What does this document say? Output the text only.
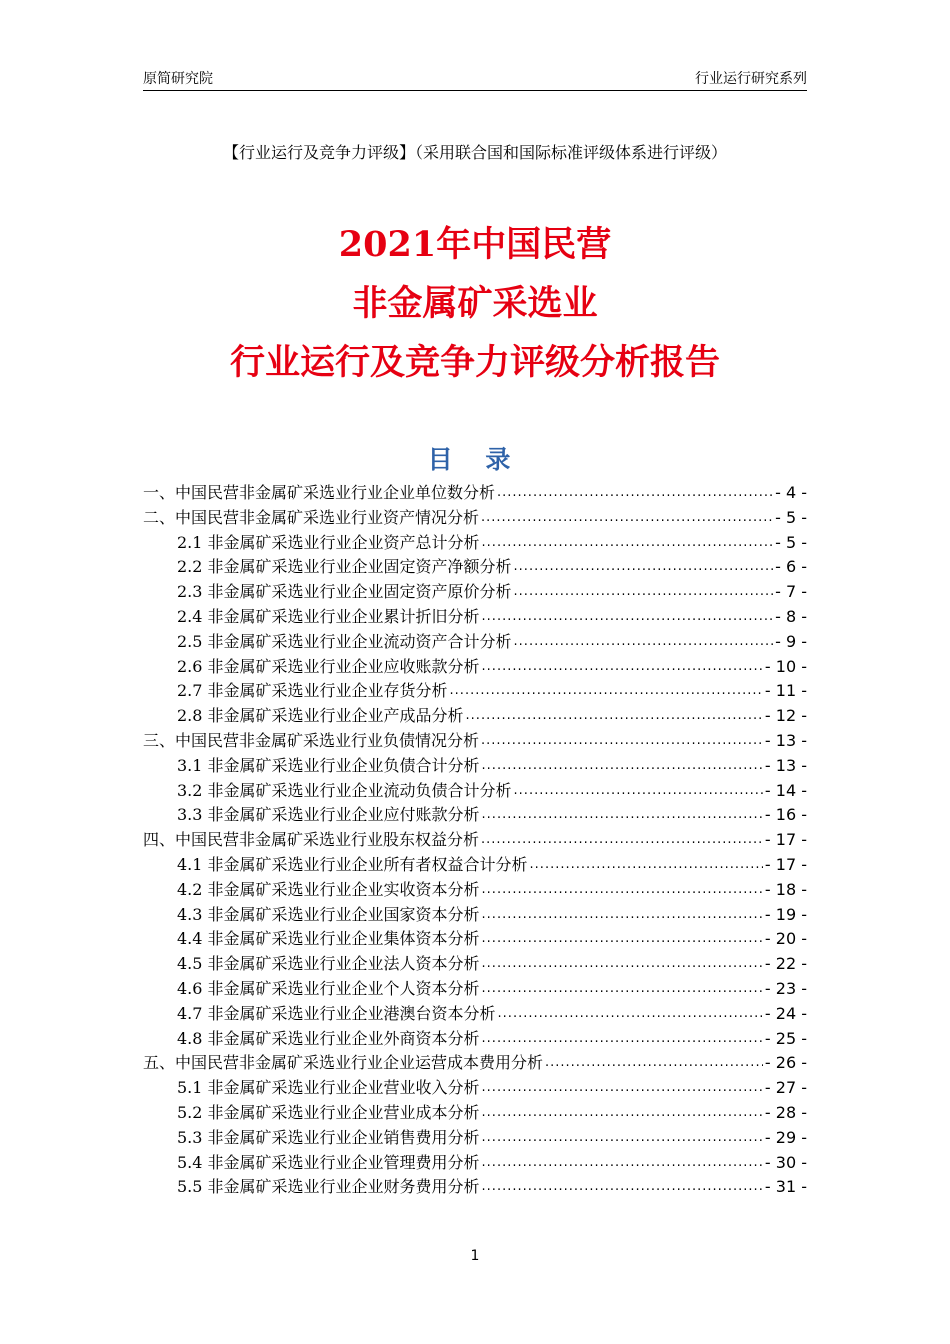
原简研究院	行业运行研究系列
【行业运行及竞争力评级】（采用联合国和国际标准评级体系进行评级）
2021年中国民营
非金属矿采选业
行业运行及竞争力评级分析报告
目 录
一、中国民营非金属矿采选业行业企业单位数分析 .....	- 4 -
二、中国民营非金属矿采选业行业资产情况分析 .....	- 5 -
2.1 非金属矿采选业行业企业资产总计分析 .....	- 5 -
2.2 非金属矿采选业行业企业固定资产净额分析 .....	- 6 -
2.3 非金属矿采选业行业企业固定资产原价分析 .....	- 7 -
2.4 非金属矿采选业行业企业累计折旧分析 .....	- 8 -
2.5 非金属矿采选业行业企业流动资产合计分析 .....	- 9 -
2.6 非金属矿采选业行业企业应收账款分析 .....	- 10 -
2.7 非金属矿采选业行业企业存货分析 .....	- 11 -
2.8 非金属矿采选业行业企业产成品分析 .....	- 12 -
三、中国民营非金属矿采选业行业负债情况分析 .....	- 13 -
3.1 非金属矿采选业行业企业负债合计分析 .....	- 13 -
3.2 非金属矿采选业行业企业流动负债合计分析 .....	- 14 -
3.3 非金属矿采选业行业企业应付账款分析 .....	- 16 -
四、中国民营非金属矿采选业行业股东权益分析 .....	- 17 -
4.1 非金属矿采选业行业企业所有者权益合计分析 .....	- 17 -
4.2 非金属矿采选业行业企业实收资本分析 .....	- 18 -
4.3 非金属矿采选业行业企业国家资本分析 .....	- 19 -
4.4 非金属矿采选业行业企业集体资本分析 .....	- 20 -
4.5 非金属矿采选业行业企业法人资本分析 .....	- 22 -
4.6 非金属矿采选业行业企业个人资本分析 .....	- 23 -
4.7 非金属矿采选业行业企业港澳台资本分析 .....	- 24 -
4.8 非金属矿采选业行业企业外商资本分析 .....	- 25 -
五、中国民营非金属矿采选业行业企业运营成本费用分析 .....	- 26 -
5.1 非金属矿采选业行业企业营业收入分析 .....	- 27 -
5.2 非金属矿采选业行业企业营业成本分析 .....	- 28 -
5.3 非金属矿采选业行业企业销售费用分析 .....	- 29 -
5.4 非金属矿采选业行业企业管理费用分析 .....	- 30 -
5.5 非金属矿采选业行业企业财务费用分析 .....	- 31 -
1
